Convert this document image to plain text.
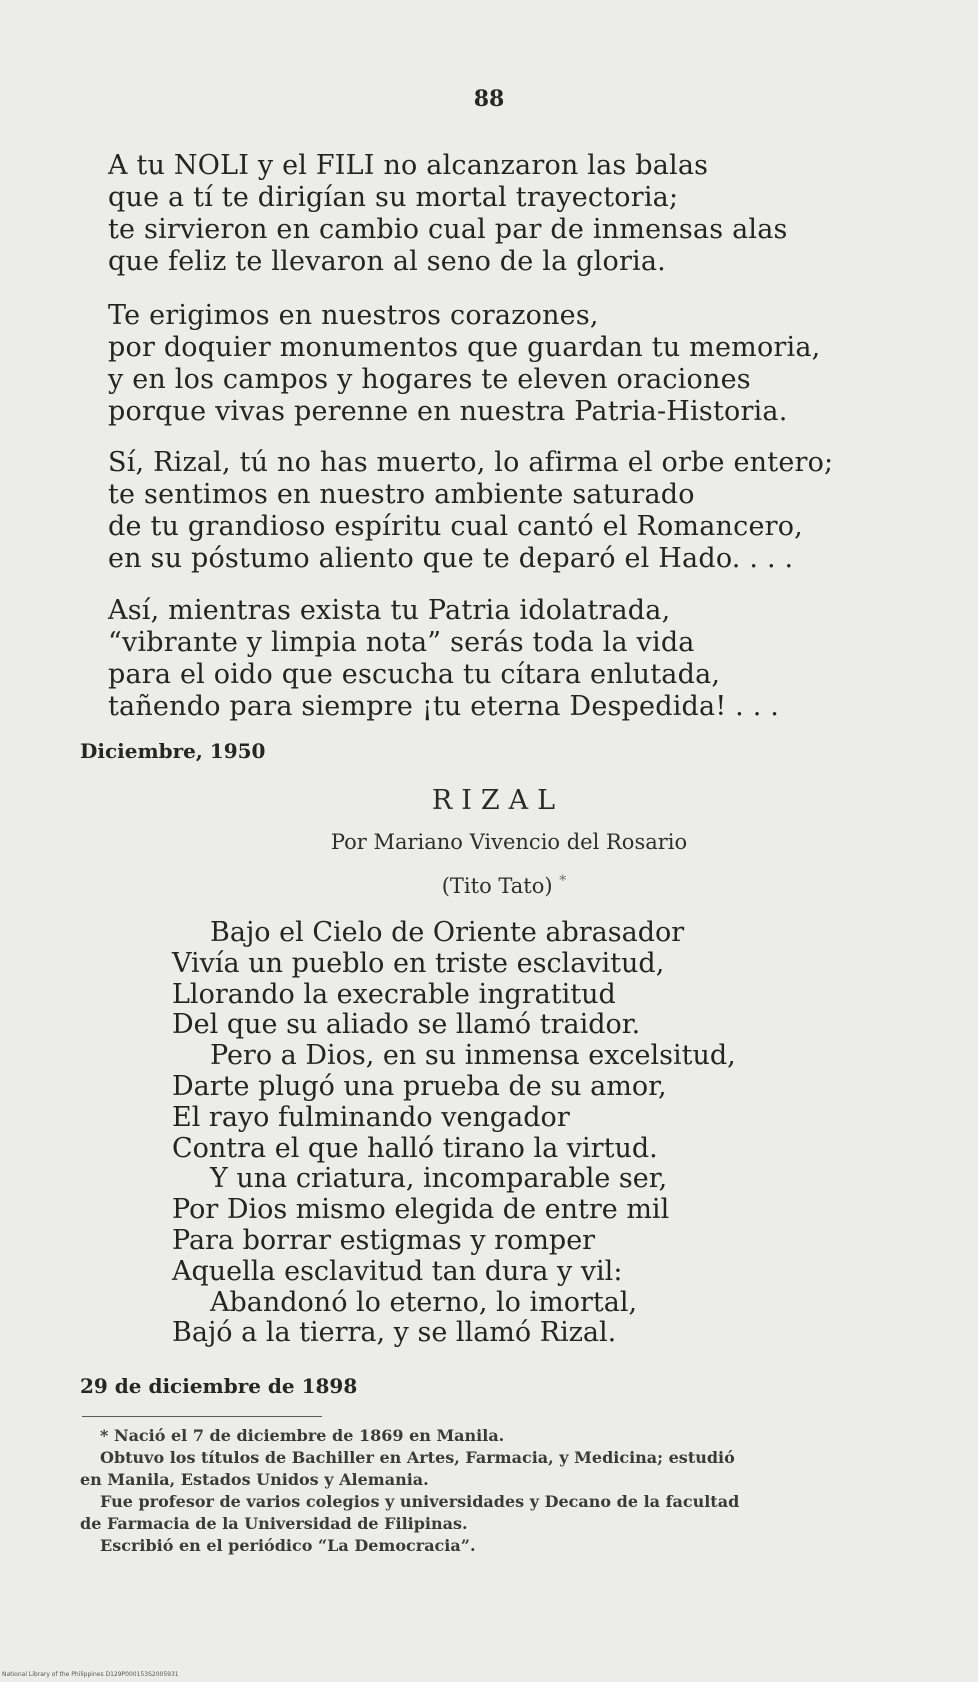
88
A tu NOLI y el FILI no alcanzaron las balas
que a tí te dirigían su mortal trayectoria;
te sirvieron en cambio cual par de inmensas alas
que feliz te llevaron al seno de la gloria.
Te erigimos en nuestros corazones,
por doquier monumentos que guardan tu memoria,
y en los campos y hogares te eleven oraciones
porque vivas perenne en nuestra Patria-Historia.
Sí, Rizal, tú no has muerto, lo afirma el orbe entero;
te sentimos en nuestro ambiente saturado
de tu grandioso espíritu cual cantó el Romancero,
en su póstumo aliento que te deparó el Hado. . . .
Así, mientras exista tu Patria idolatrada,
“vibrante y limpia nota” serás toda la vida
para el oido que escucha tu cítara enlutada,
tañendo para siempre ¡tu eterna Despedida! . . .
Diciembre, 1950
RIZAL
Por Mariano Vivencio del Rosario
(Tito Tato) *
Bajo el Cielo de Oriente abrasador
Vivía un pueblo en triste esclavitud,
Llorando la execrable ingratitud
Del que su aliado se llamó traidor.
Pero a Dios, en su inmensa excelsitud,
Darte plugó una prueba de su amor,
El rayo fulminando vengador
Contra el que halló tirano la virtud.
Y una criatura, incomparable ser,
Por Dios mismo elegida de entre mil
Para borrar estigmas y romper
Aquella esclavitud tan dura y vil:
Abandonó lo eterno, lo imortal,
Bajó a la tierra, y se llamó Rizal.
29 de diciembre de 1898

* Nació el 7 de diciembre de 1869 en Manila.

Obtuvo los títulos de Bachiller en Artes, Farmacia, y Medicina; estudió
en Manila, Estados Unidos y Alemania.

Fue profesor de varios colegios y universidades y Decano de la facultad
de Farmacia de la Universidad de Filipinas.

Escribió en el periódico “La Democracia”.

National Library of the Philippines D129P000153S2005931
